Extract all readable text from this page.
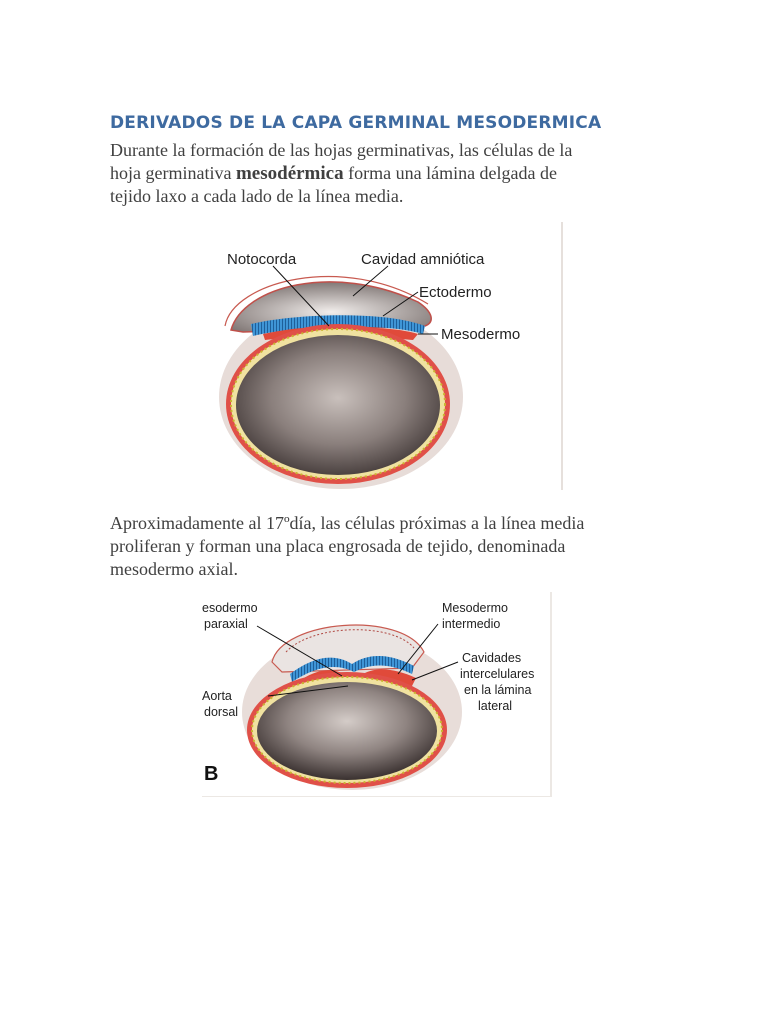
DERIVADOS DE LA CAPA GERMINAL MESODERMICA
Durante la formación de las hojas germinativas, las células de la
hoja germinativa mesodérmica forma una lámina delgada de
tejido laxo a cada lado de la línea media.
Notocorda	Cavidad amniótica
Ectodermo
Mesodermo
Aproximadamente al 17ºdía, las células próximas a la línea media
proliferan y forman una placa engrosada de tejido, denominada
mesodermo axial.
esodermo
paraxial
Mesodermo
intermedio
Cavidades
intercelulares
en la lámina
lateral
Aorta
dorsal
B
